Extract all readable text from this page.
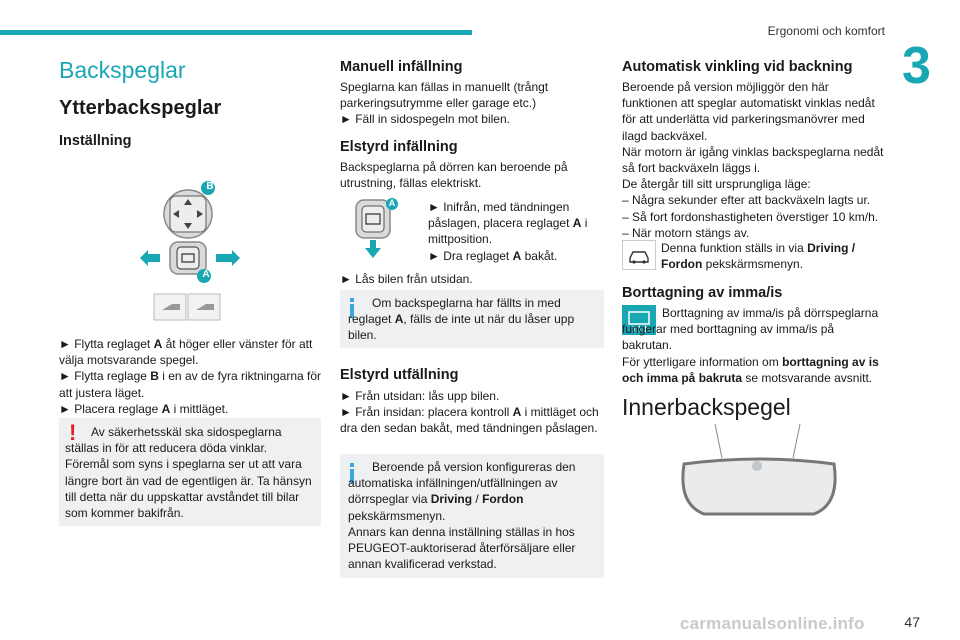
Ergonomi och komfort
3
Backspeglar
Ytterbackspeglar
Inställning
B
A
► Flytta reglaget A åt höger eller vänster för att välja motsvarande spegel.
► Flytta reglage B i en av de fyra riktningarna för att justera läget.
► Placera reglage A i mittläget.
!	Av säkerhetsskäl ska sidospeglarna ställas in för att reducera döda vinklar. Föremål som syns i speglarna ser ut att vara längre bort än vad de egentligen är. Ta hänsyn till detta när du uppskattar avståndet till bilar som kommer bakifrån.
Manuell infällning
Speglarna kan fällas in manuellt (trångt parkeringsutrymme eller garage etc.)
► Fäll in sidospegeln mot bilen.
Elstyrd infällning
Backspeglarna på dörren kan beroende på utrustning, fällas elektriskt.
A	► Inifrån, med tändningen påslagen, placera reglaget A i mittposition.
► Dra reglaget A bakåt.
► Lås bilen från utsidan.
Om backspeglarna har fällts in med reglaget A, fälls de inte ut när du låser upp bilen.
Elstyrd utfällning
► Från utsidan: lås upp bilen.
► Från insidan: placera kontroll A i mittläget och dra den sedan bakåt, med tändningen påslagen.
Beroende på version konfigureras den automatiska infällningen/utfällningen av dörrspeglar via Driving / Fordon pekskärmsmenyn.
Annars kan denna inställning ställas in hos PEUGEOT-auktoriserad återförsäljare eller annan kvalificerad verkstad.
Automatisk vinkling vid backning
Beroende på version möjliggör den här funktionen att speglar automatiskt vinklas nedåt för att underlätta vid parkeringsmanövrer med ilagd backväxel.
När motorn är igång vinklas backspeglarna nedåt så fort backväxeln läggs i.
De återgår till sitt ursprungliga läge:
– Några sekunder efter att backväxeln lagts ur.
– Så fort fordonshastigheten överstiger 10 km/h.
– När motorn stängs av.
Denna funktion ställs in via Driving / Fordon pekskärmsmenyn.
Borttagning av imma/is
Borttagning av imma/is på dörrspeglarna fungerar med borttagning av imma/is på bakrutan.
För ytterligare information om borttagning av is och imma på bakruta se motsvarande avsnitt.
Innerbackspegel
carmanualsonline.info	47
